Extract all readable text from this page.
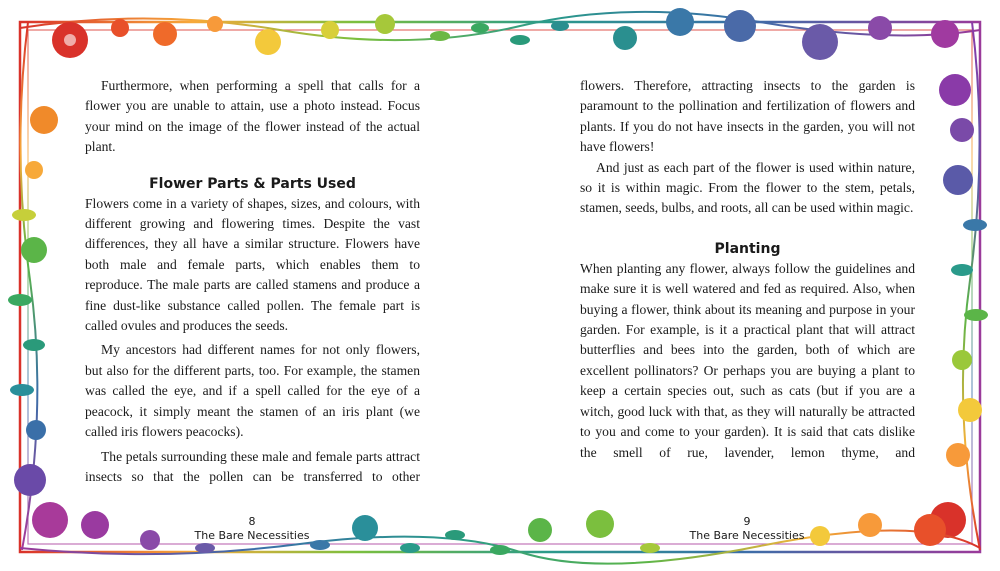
Furthermore, when performing a spell that calls for a flower you are unable to attain, use a photo instead. Focus your mind on the image of the flower instead of the actual plant.

Flower Parts & Parts Used

Flowers come in a variety of shapes, sizes, and colours, with different growing and flowering times. Despite the vast differences, they all have a similar structure. Flowers have both male and female parts, which enables them to reproduce. The male parts are called stamens and produce a fine dust-like substance called pollen. The female part is called ovules and produces the seeds.

My ancestors had different names for not only flowers, but also for the different parts, too. For example, the stamen was called the eye, and if a spell called for the eye of a peacock, it simply meant the stamen of an iris plant (we called iris flowers peacocks).

The petals surrounding these male and female parts attract insects so that the pollen can be transferred to other

flowers. Therefore, attracting insects to the garden is paramount to the pollination and fertilization of flowers and plants. If you do not have insects in the garden, you will not have flowers!

And just as each part of the flower is used within nature, so it is within magic. From the flower to the stem, petals, stamen, seeds, bulbs, and roots, all can be used within magic.

Planting

When planting any flower, always follow the guidelines and make sure it is well watered and fed as required. Also, when buying a flower, think about its meaning and purpose in your garden. For example, is it a practical plant that will attract butterflies and bees into the garden, both of which are excellent pollinators? Or perhaps you are buying a plant to keep a certain species out, such as cats (but if you are a witch, good luck with that, as they will naturally be attracted to you and come to your garden). It is said that cats dislike the smell of rue, lavender, lemon thyme, and

8
The Bare Necessities
9
The Bare Necessities
